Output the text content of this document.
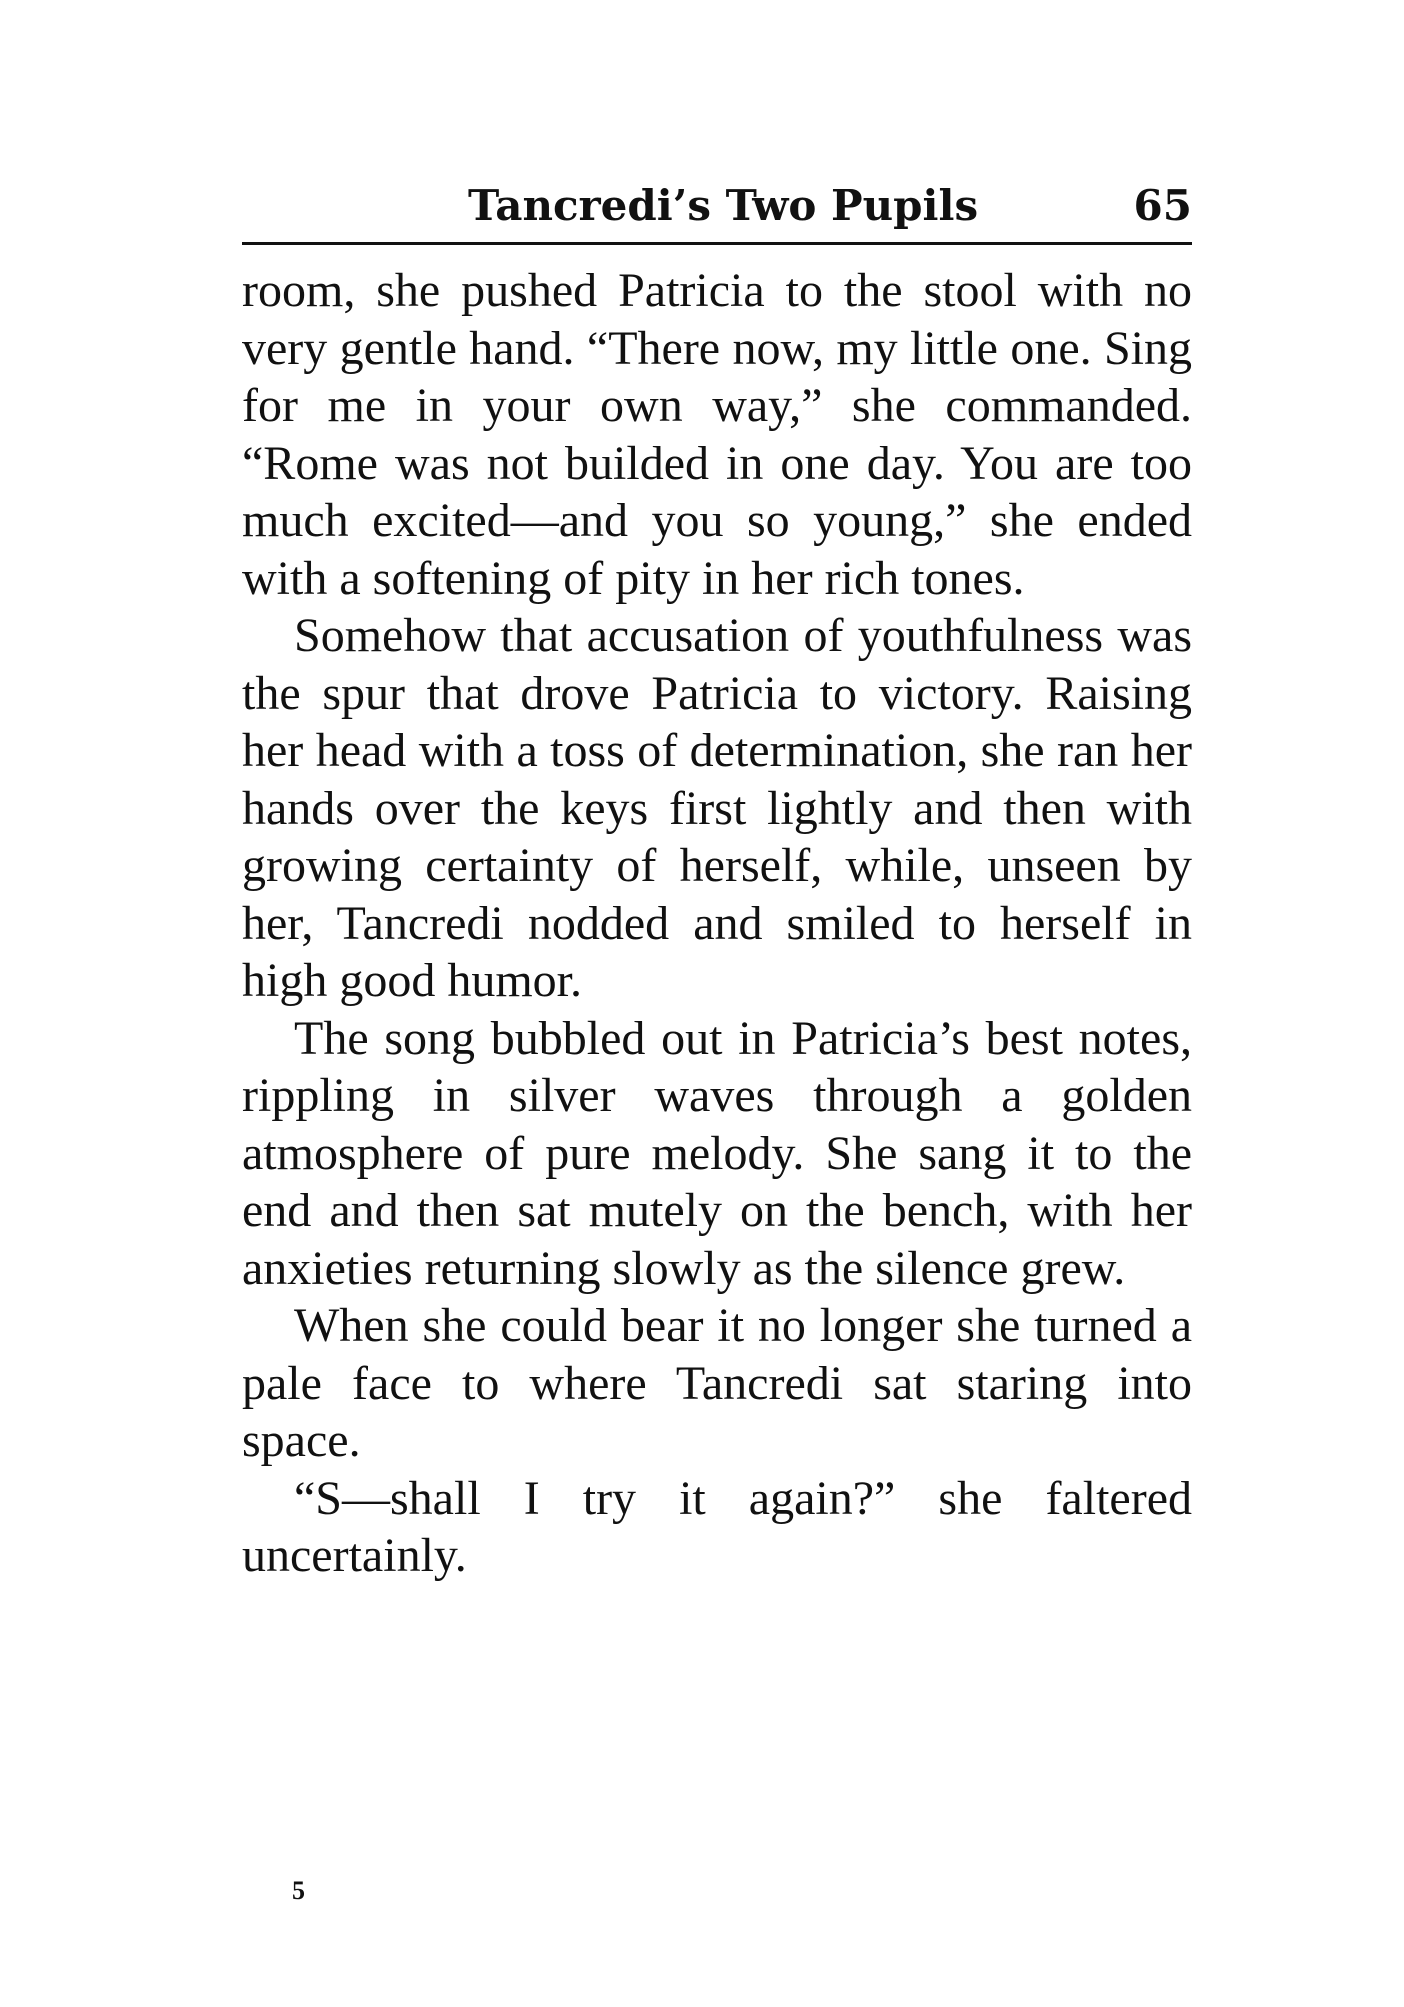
Tancredi’s Two Pupils	65

room, she pushed Patricia to the stool with no very gentle hand. “There now, my little one. Sing for me in your own way,” she commanded. “Rome was not builded in one day. You are too much excited—and you so young,” she ended with a softening of pity in her rich tones.

Somehow that accusation of youthfulness was the spur that drove Patricia to victory. Raising her head with a toss of determination, she ran her hands over the keys first lightly and then with growing certainty of herself, while, unseen by her, Tancredi nodded and smiled to herself in high good humor.

The song bubbled out in Patricia’s best notes, rippling in silver waves through a golden atmosphere of pure melody. She sang it to the end and then sat mutely on the bench, with her anxieties returning slowly as the silence grew.

When she could bear it no longer she turned a pale face to where Tancredi sat staring into space.

“S—shall I try it again?” she faltered uncertainly.

5
